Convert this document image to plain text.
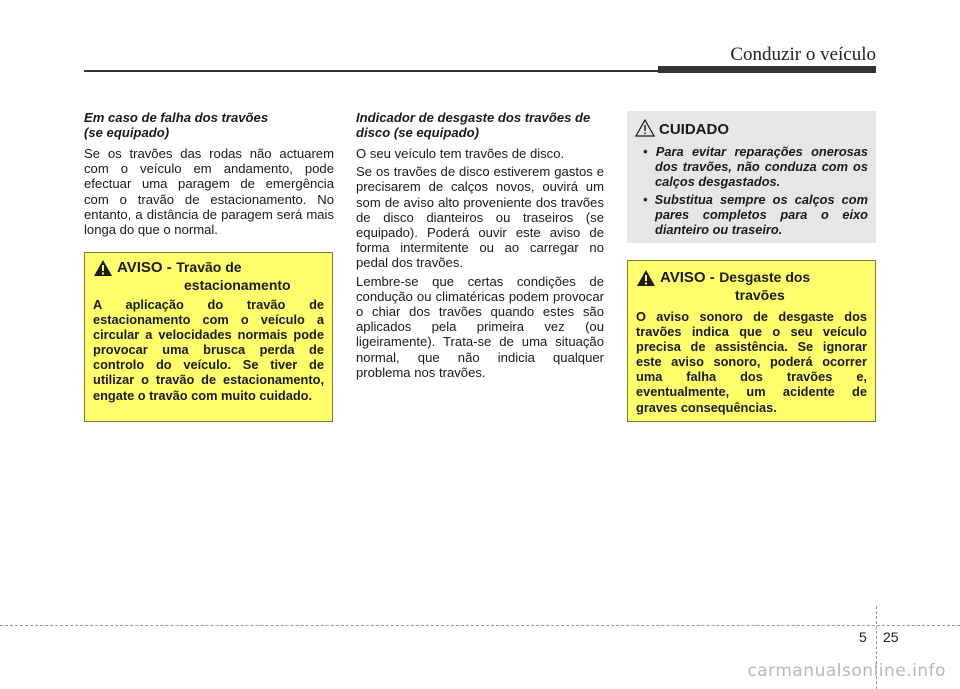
Conduzir o veículo
Em caso de falha dos travões
(se equipado)

Se os travões das rodas não actuarem com o veículo em andamento, pode efectuar uma paragem de emergência com o travão de estacionamento. No entanto, a distância de paragem será mais longa do que o normal.

AVISO - Travão de
estacionamento

A aplicação do travão de estacionamento com o veículo a circular a velocidades normais pode provocar uma brusca perda de controlo do veículo. Se tiver de utilizar o travão de estacionamento, engate o travão com muito cuidado.

Indicador de desgaste dos travões de
disco (se equipado)

O seu veículo tem travões de disco.

Se os travões de disco estiverem gastos e precisarem de calços novos, ouvirá um som de aviso alto proveniente dos travões de disco dianteiros ou traseiros (se equipado). Poderá ouvir este aviso de forma intermitente ou ao carregar no pedal dos travões.

Lembre-se que certas condições de condução ou climatéricas podem provocar o chiar dos travões quando estes são aplicados pela primeira vez (ou ligeiramente). Trata-se de uma situação normal, que não indicia qualquer problema nos travões.

CUIDADO
• Para evitar reparações onerosas dos travões, não conduza com os calços desgastados.
• Substitua sempre os calços com pares completos para o eixo dianteiro ou traseiro.
AVISO - Desgaste dos
travões

O aviso sonoro de desgaste dos travões indica que o seu veículo precisa de assistência. Se ignorar este aviso sonoro, poderá ocorrer uma falha dos travões e, eventualmente, um acidente de graves consequências.

5 25
carmanualsonline.info
